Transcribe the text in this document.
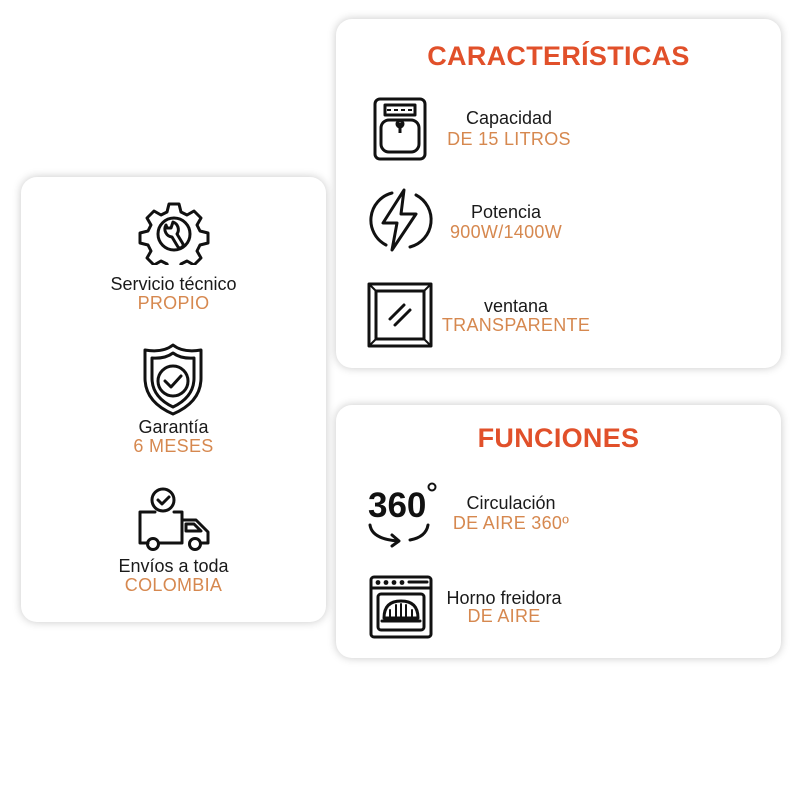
Servicio técnico
PROPIO
Garantía
6 MESES
Envíos a toda
COLOMBIA
CARACTERÍSTICAS
Capacidad
DE 15 LITROS
Potencia
900W/1400W
ventana
TRANSPARENTE
FUNCIONES
360	Circulación
DE AIRE 360º
Horno freidora
DE AIRE
